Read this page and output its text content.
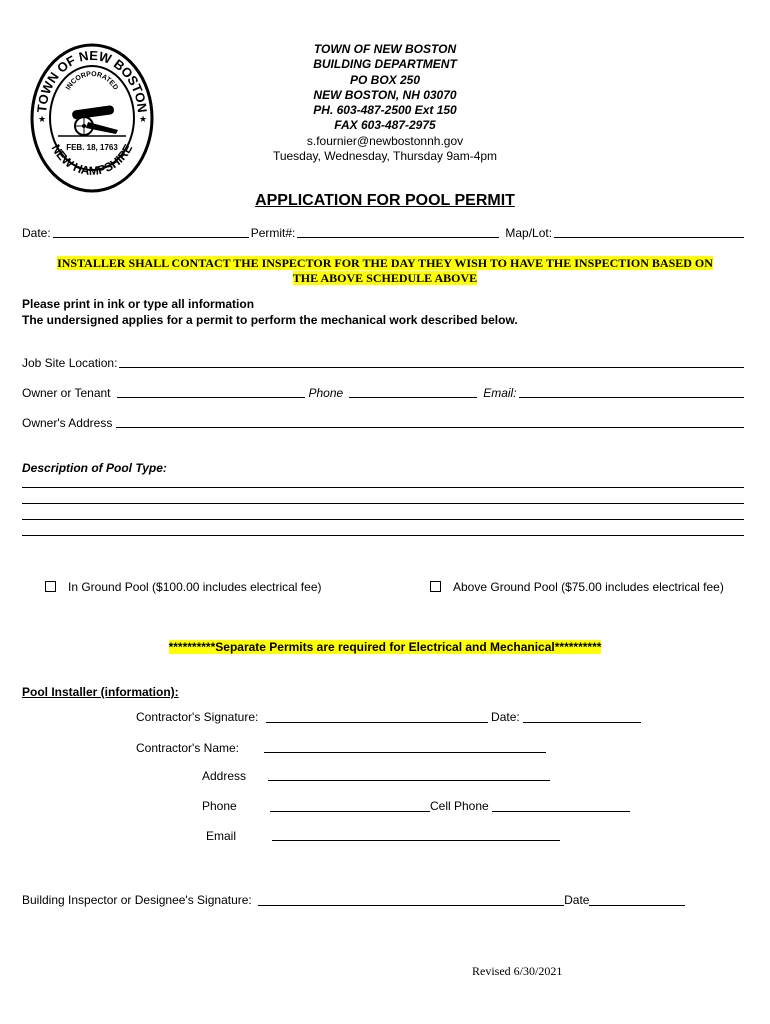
TOWN OF NEW BOSTON
INCORPORATED
NEW HAMPSHIRE
FEB. 18, 1763
★	★
TOWN OF NEW BOSTON
BUILDING DEPARTMENT
PO BOX 250
NEW BOSTON, NH 03070
PH. 603-487-2500 Ext 150
FAX 603-487-2975
s.fournier@newbostonnh.gov
Tuesday, Wednesday, Thursday 9am-4pm
APPLICATION FOR POOL PERMIT
Date:	Permit#:	Map/Lot:
INSTALLER SHALL CONTACT THE INSPECTOR FOR THE DAY THEY WISH TO HAVE THE INSPECTION BASED ON
THE ABOVE SCHEDULE ABOVE
Please print in ink or type all information
The undersigned applies for a permit to perform the mechanical work described below.
Job Site Location:
Owner or Tenant	Phone	Email:
Owner's Address
Description of Pool Type:
In Ground Pool ($100.00 includes electrical fee)	Above Ground Pool ($75.00 includes electrical fee)
**********Separate Permits are required for Electrical and Mechanical**********
Pool Installer (information):
Contractor's Signature:	Date:
Contractor's Name:
Address
Phone	Cell Phone
Email
Building Inspector or Designee's Signature:	Date
Revised 6/30/2021
